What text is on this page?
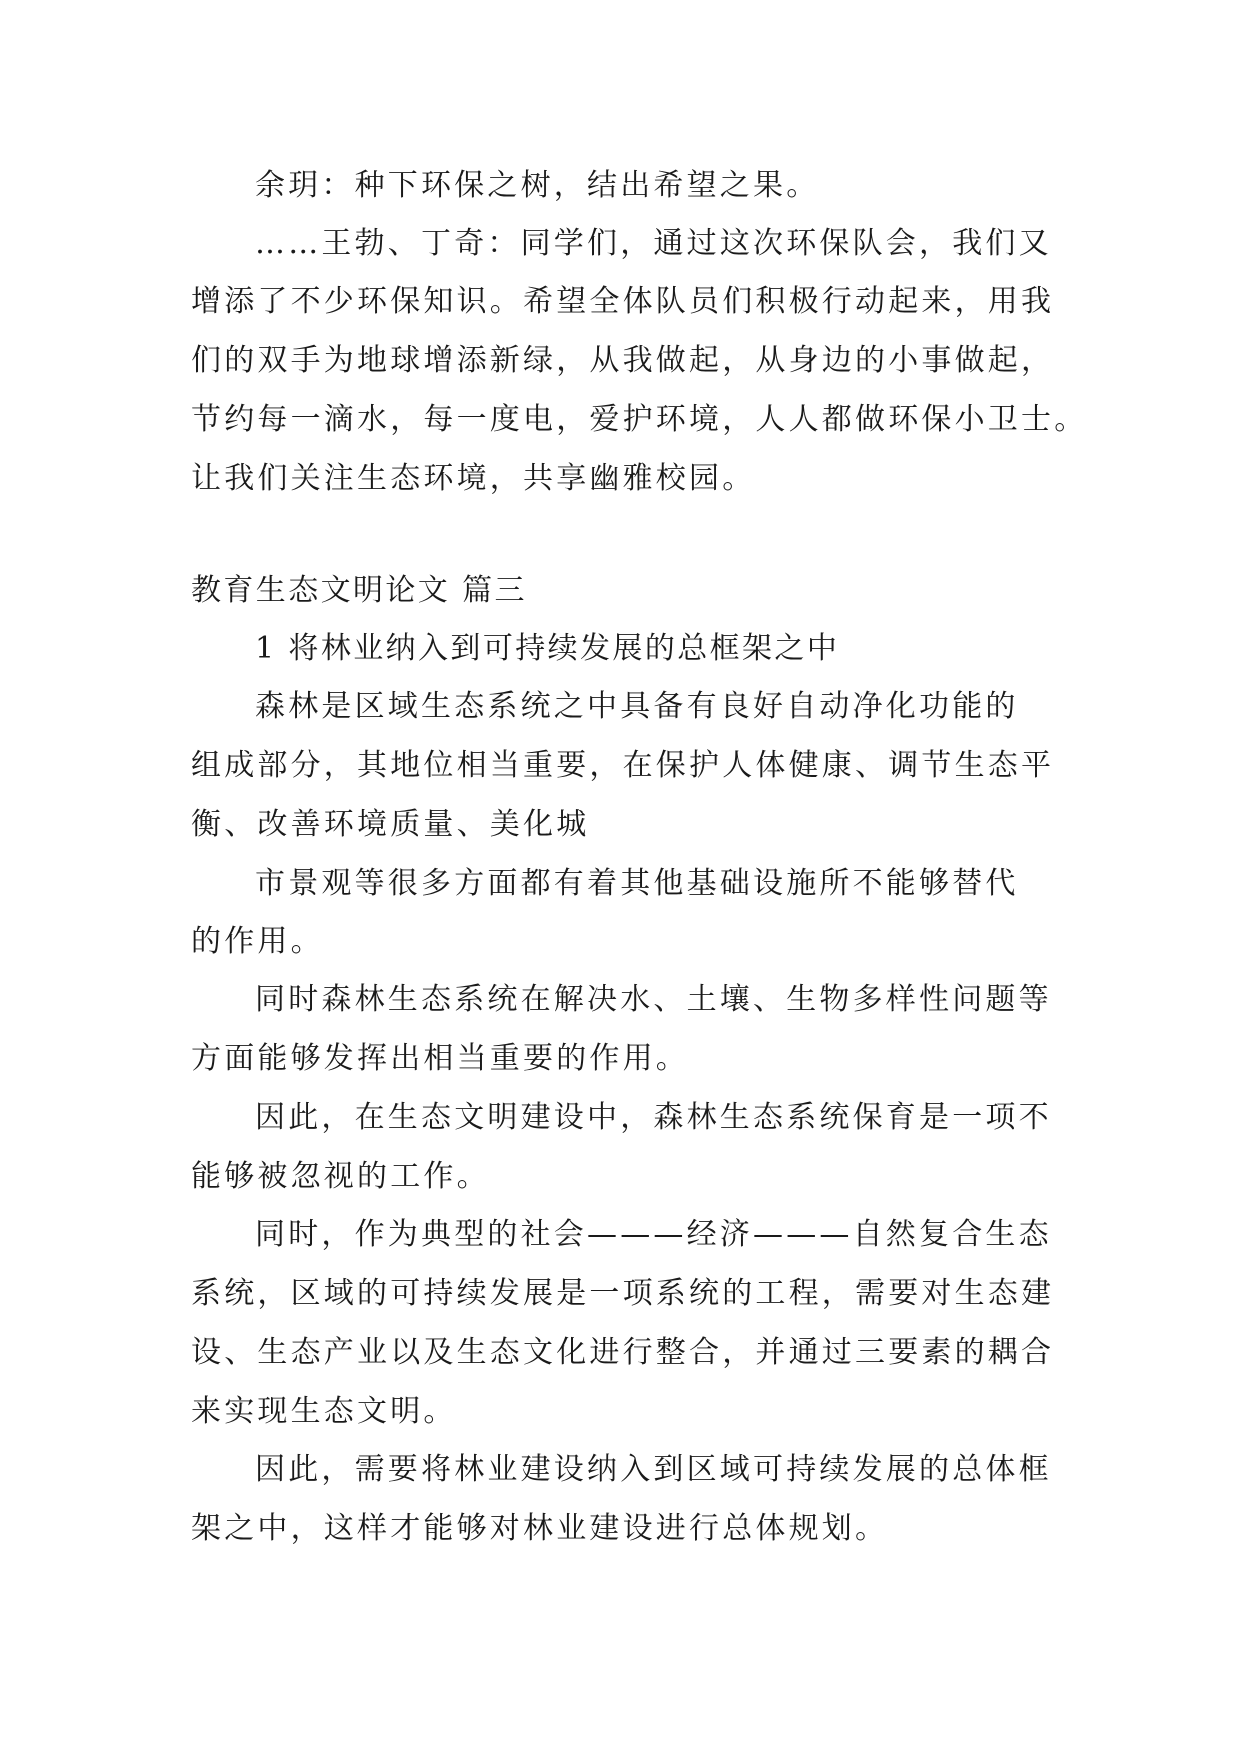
余玥：种下环保之树，结出希望之果。
……王勃、丁奇：同学们，通过这次环保队会，我们又
增添了不少环保知识。希望全体队员们积极行动起来，用我
们的双手为地球增添新绿，从我做起，从身边的小事做起，
节约每一滴水，每一度电，爱护环境，人人都做环保小卫士。
让我们关注生态环境，共享幽雅校园。
教育生态文明论文 篇三
1 将林业纳入到可持续发展的总框架之中
森林是区域生态系统之中具备有良好自动净化功能的
组成部分，其地位相当重要，在保护人体健康、调节生态平
衡、改善环境质量、美化城
市景观等很多方面都有着其他基础设施所不能够替代
的作用。
同时森林生态系统在解决水、土壤、生物多样性问题等
方面能够发挥出相当重要的作用。
因此，在生态文明建设中，森林生态系统保育是一项不
能够被忽视的工作。
同时，作为典型的社会———经济———自然复合生态
系统，区域的可持续发展是一项系统的工程，需要对生态建
设、生态产业以及生态文化进行整合，并通过三要素的耦合
来实现生态文明。
因此，需要将林业建设纳入到区域可持续发展的总体框
架之中，这样才能够对林业建设进行总体规划。
